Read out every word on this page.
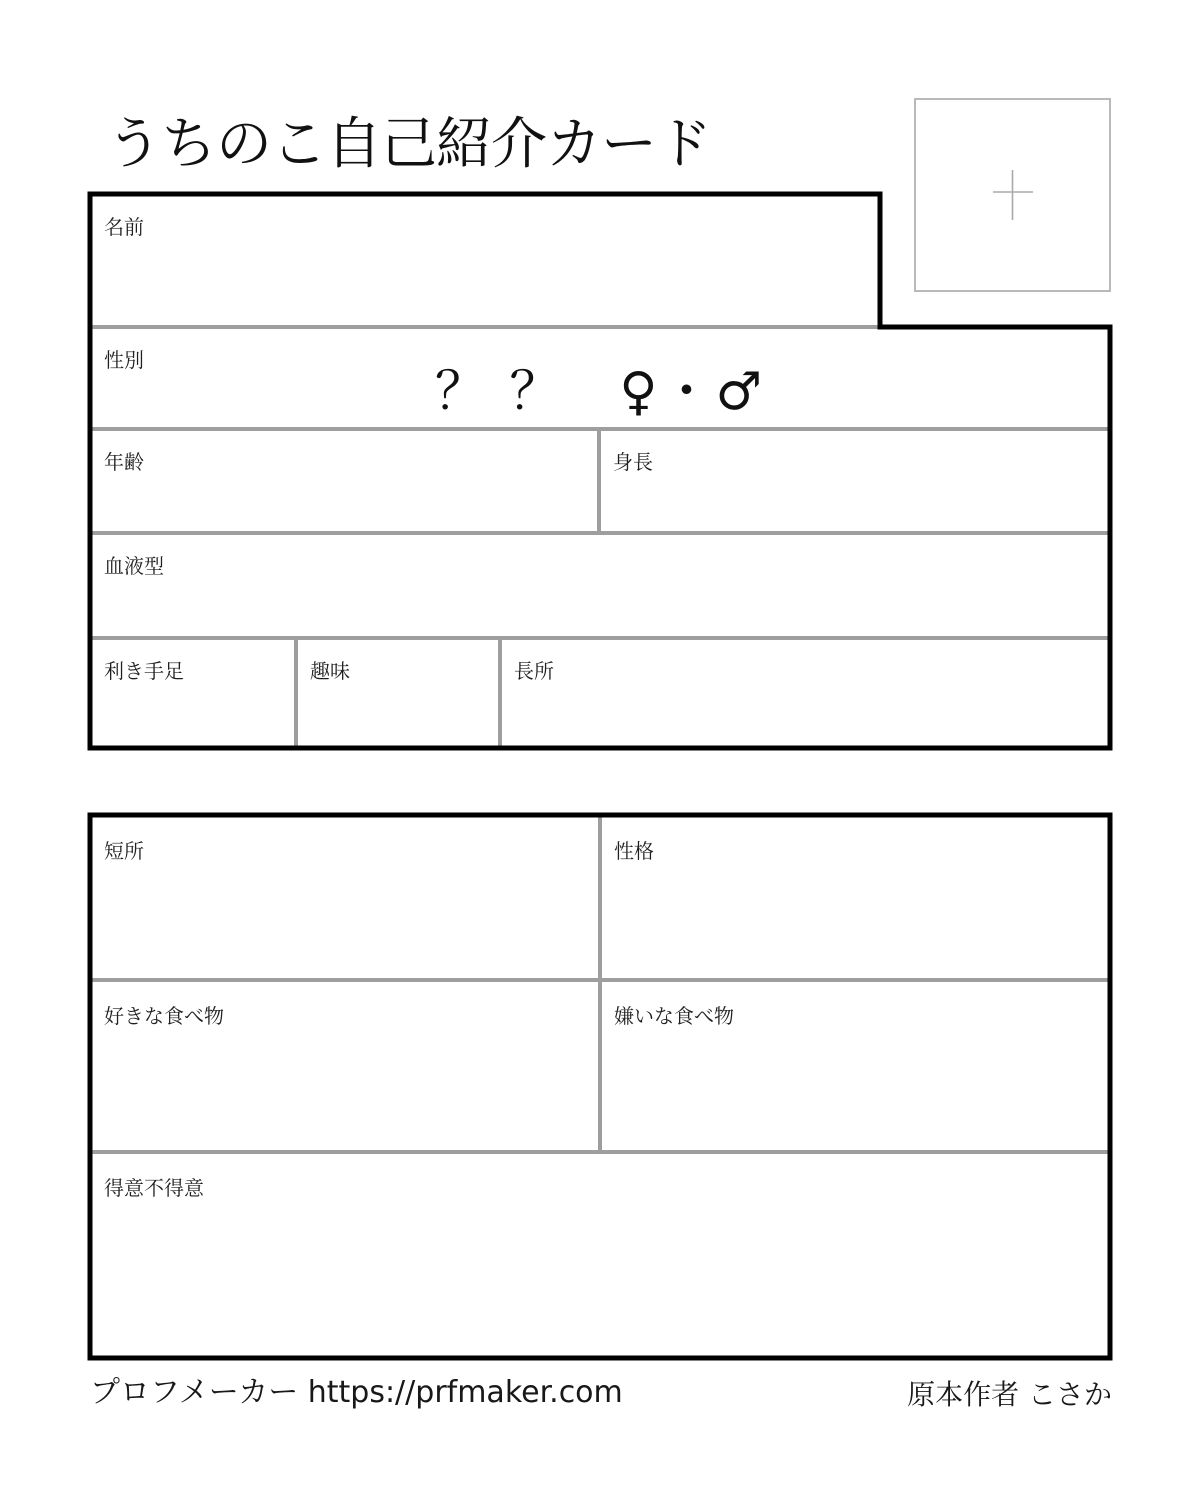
うちのこ自己紹介カード
名前
性別
？ ？　♀・♂
年齢	身長
血液型
利き手足	趣味	長所
短所	性格
好きな食べ物	嫌いな食べ物
得意不得意
プロフメーカー https://prfmaker.com	原本作者 こさか
